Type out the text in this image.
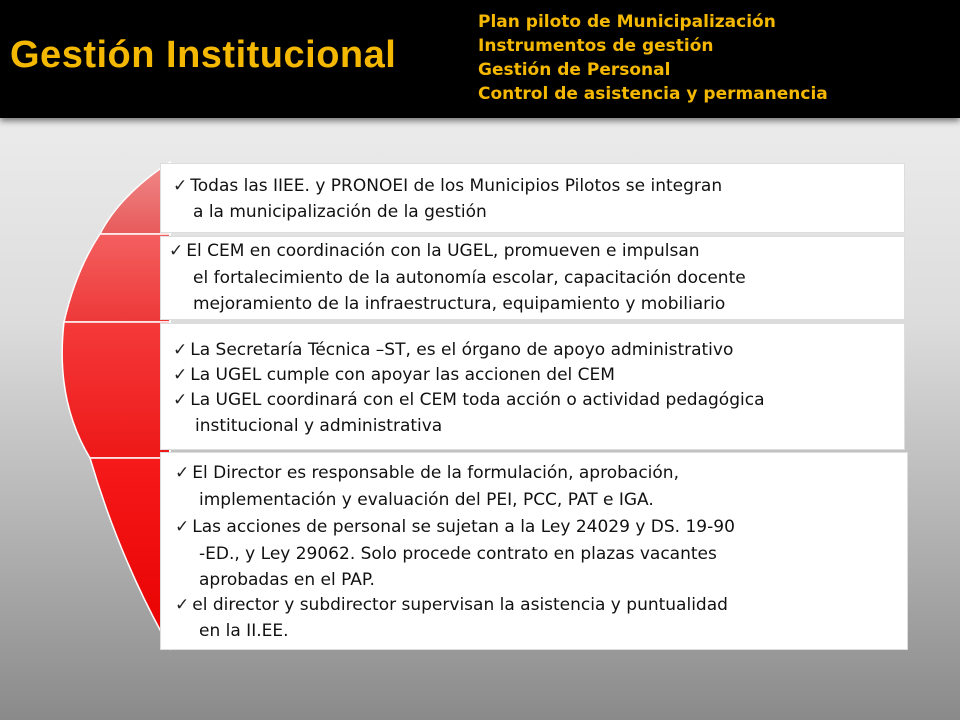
Gestión Institucional
Plan piloto de Municipalización
Instrumentos de gestión
Gestión de Personal
Control de asistencia y permanencia
✓ Todas las IIEE. y PRONOEI de los Municipios Pilotos se integran
a la municipalización de la gestión
✓ El CEM en coordinación con la UGEL, promueven e impulsan
el fortalecimiento de la autonomía escolar, capacitación docente
mejoramiento de la infraestructura, equipamiento y mobiliario
✓ La Secretaría Técnica –ST, es el órgano de apoyo administrativo
✓ La UGEL cumple con apoyar las accionen del CEM
✓ La UGEL coordinará con el CEM toda acción o actividad pedagógica
institucional y administrativa
✓ El Director es responsable de la formulación, aprobación,
implementación y evaluación del PEI, PCC, PAT e IGA.
✓ Las acciones de personal se sujetan a la Ley 24029 y DS. 19-90
-ED., y Ley 29062. Solo procede contrato en plazas vacantes
aprobadas en el PAP.
✓ el director y subdirector supervisan la asistencia y puntualidad
en la II.EE.
